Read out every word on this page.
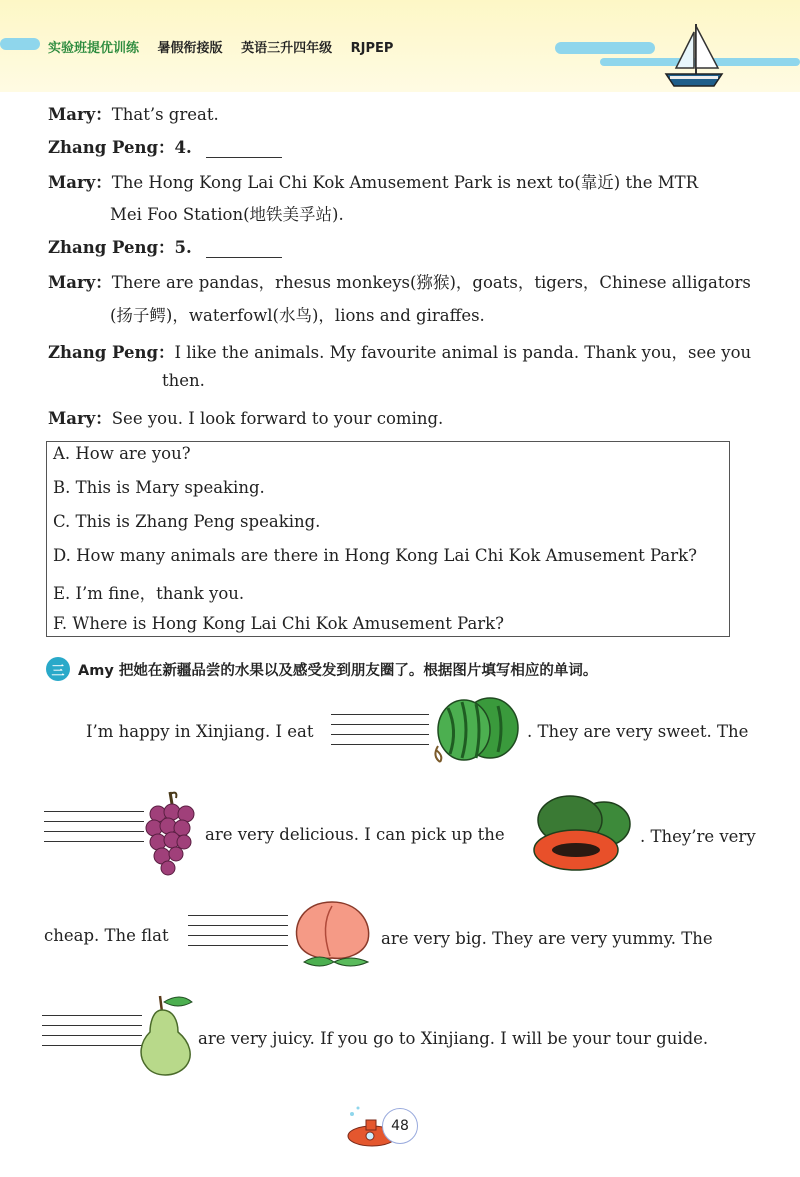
实验班提优训练 暑假衔接版 英语三升四年级 RJPEP
Mary：That’s great.
Zhang Peng：4.
Mary：The Hong Kong Lai Chi Kok Amusement Park is next to(靠近) the MTR
Mei Foo Station(地铁美孚站).
Zhang Peng：5.
Mary：There are pandas，rhesus monkeys(猕猴)，goats，tigers，Chinese alligators
(扬子鳄)，waterfowl(水鸟)，lions and giraffes.
Zhang Peng：I like the animals. My favourite animal is panda. Thank you，see you
then.
Mary：See you. I look forward to your coming.
A. How are you?
B. This is Mary speaking.
C. This is Zhang Peng speaking.
D. How many animals are there in Hong Kong Lai Chi Kok Amusement Park?
E. I’m fine，thank you.
F. Where is Hong Kong Lai Chi Kok Amusement Park?
三 Amy 把她在新疆品尝的水果以及感受发到朋友圈了。根据图片填写相应的单词。
I’m happy in Xinjiang. I eat	. They are very sweet. The
are very delicious. I can pick up the	. They’re very
cheap. The flat	are very big. They are very yummy. The
are very juicy. If you go to Xinjiang. I will be your tour guide.
48
